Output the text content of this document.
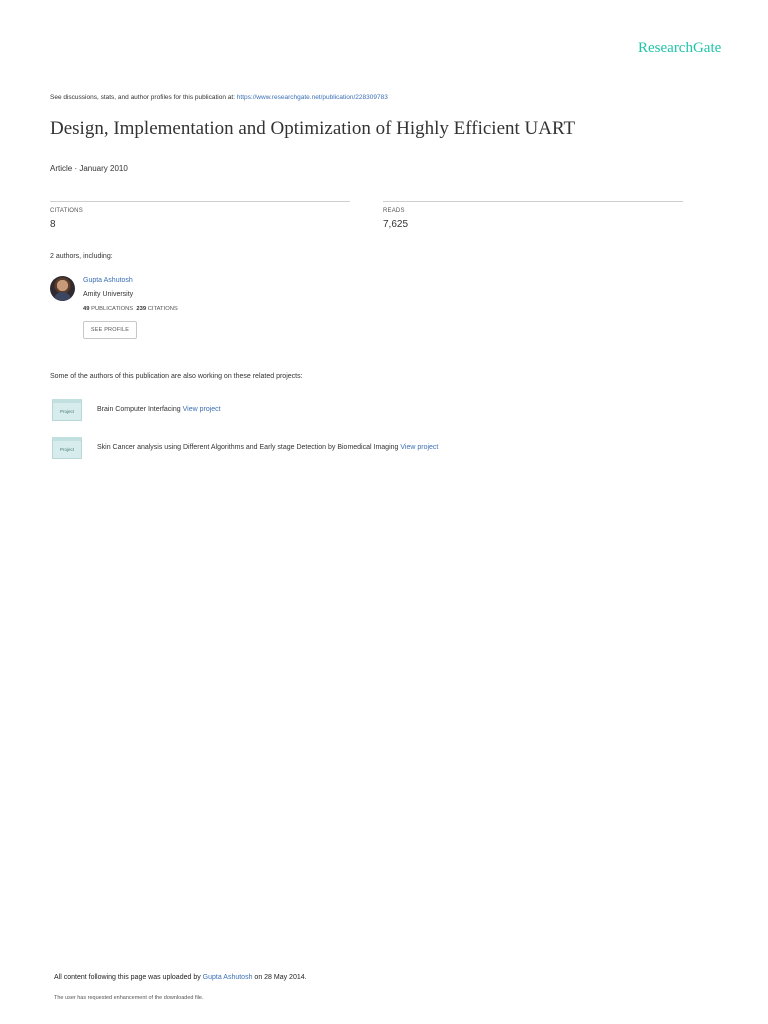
ResearchGate
See discussions, stats, and author profiles for this publication at: https://www.researchgate.net/publication/228309783
Design, Implementation and Optimization of Highly Efficient UART
Article · January 2010
CITATIONS
8
READS
7,625
2 authors, including:
Gupta Ashutosh
Amity University
49 PUBLICATIONS 239 CITATIONS
SEE PROFILE
Some of the authors of this publication are also working on these related projects:
Project	Brain Computer Interfacing View project
Project	Skin Cancer analysis using Different Algorithms and Early stage Detection by Biomedical Imaging View project
All content following this page was uploaded by Gupta Ashutosh on 28 May 2014.
The user has requested enhancement of the downloaded file.
